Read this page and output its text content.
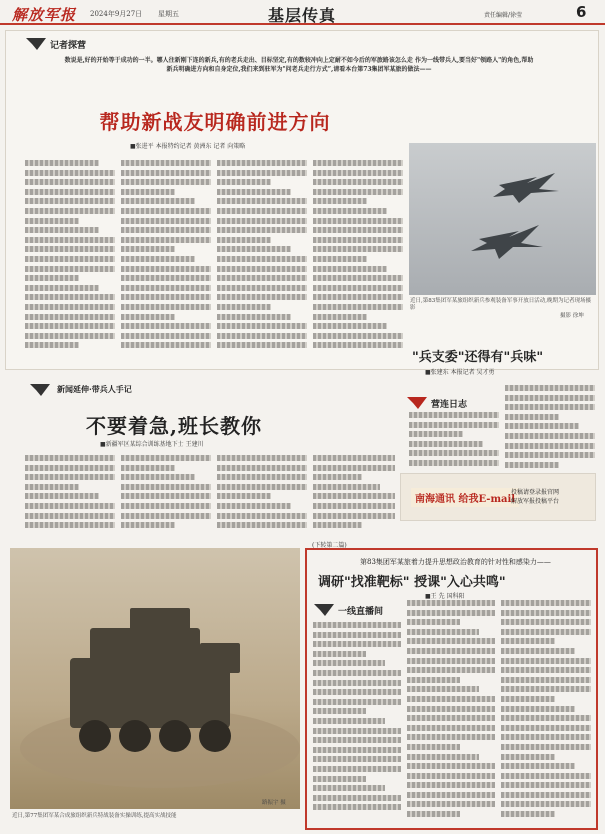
解放军报 2024年9月27日 星期五	基层传真	责任编辑/徐莹	6
记者探营
数说是,好的开始等于成功的一半。哪人往新刚下连的新兵,有的老兵走出、目标坚定,有的数较冲向上定耐不如今后的军旅路该怎么走 作为一线带兵人,要当好"领路人"的角色,帮助新兵明确进方向和自身定位,我们来到驻军为"问老兵走行方式”,请看本台第73集团军某旅的做法——
帮助新战友明确前进方向
■张进平 本报特约记者 黄洲东 记者 向策略
近日,第83集团军某旅组织新兵参观装备军事开放日活动,晚期为记者现场摄影
摄影 徐坤
"兵支委"还得有"兵味"
■张建东 本报记者 吴才勇
营连日志
新闻延伸·带兵人手记
不要着急,班长教你
■新疆军区某综合训练基地下士 王建川
(下转第二篇)
南海通讯 给我E-mail
投稿请登录报官网
解放军报投稿平台
近日,第77集团军某合成旅组织新兵特战装备实操训练,提高实战技能
路振宇 摄
第83集团军某旅着力提升思想政治教育的针对性和感染力——
调研"找准靶标" 授课"入心共鸣"
■王 先 国科阳
一线直播间
